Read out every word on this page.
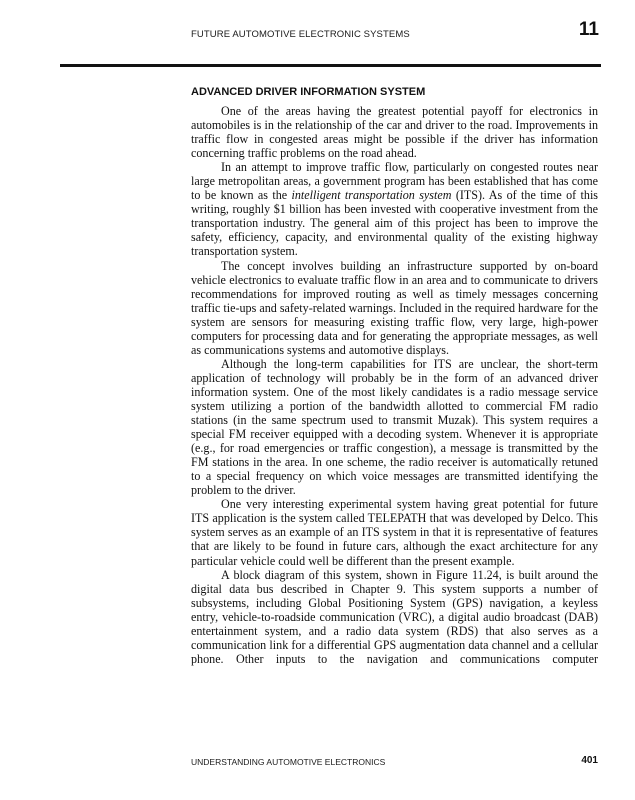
FUTURE AUTOMOTIVE ELECTRONIC SYSTEMS	11
ADVANCED DRIVER INFORMATION SYSTEM

One of the areas having the greatest potential payoff for electronics in automobiles is in the relationship of the car and driver to the road. Improvements in traffic flow in congested areas might be possible if the driver has information concerning traffic problems on the road ahead.

In an attempt to improve traffic flow, particularly on congested routes near large metropolitan areas, a government program has been established that has come to be known as the intelligent transportation system (ITS). As of the time of this writing, roughly $1 billion has been invested with cooperative investment from the transportation industry. The general aim of this project has been to improve the safety, efficiency, capacity, and environmental quality of the existing highway transportation system.

The concept involves building an infrastructure supported by on-board vehicle electronics to evaluate traffic flow in an area and to communicate to drivers recommendations for improved routing as well as timely messages concerning traffic tie-ups and safety-related warnings. Included in the required hardware for the system are sensors for measuring existing traffic flow, very large, high-power computers for processing data and for generating the appropriate messages, as well as communications systems and automotive displays.

Although the long-term capabilities for ITS are unclear, the short-term application of technology will probably be in the form of an advanced driver information system. One of the most likely candidates is a radio message service system utilizing a portion of the bandwidth allotted to commercial FM radio stations (in the same spectrum used to transmit Muzak). This system requires a special FM receiver equipped with a decoding system. Whenever it is appropriate (e.g., for road emergencies or traffic congestion), a message is transmitted by the FM stations in the area. In one scheme, the radio receiver is automatically retuned to a special frequency on which voice messages are transmitted identifying the problem to the driver.

One very interesting experimental system having great potential for future ITS application is the system called TELEPATH that was developed by Delco. This system serves as an example of an ITS system in that it is representative of features that are likely to be found in future cars, although the exact architecture for any particular vehicle could well be different than the present example.

A block diagram of this system, shown in Figure 11.24, is built around the digital data bus described in Chapter 9. This system supports a number of subsystems, including Global Positioning System (GPS) navigation, a keyless entry, vehicle-to-roadside communication (VRC), a digital audio broadcast (DAB) entertainment system, and a radio data system (RDS) that also serves as a communication link for a differential GPS augmentation data channel and a cellular phone. Other inputs to the navigation and communications computer

UNDERSTANDING AUTOMOTIVE ELECTRONICS	401
